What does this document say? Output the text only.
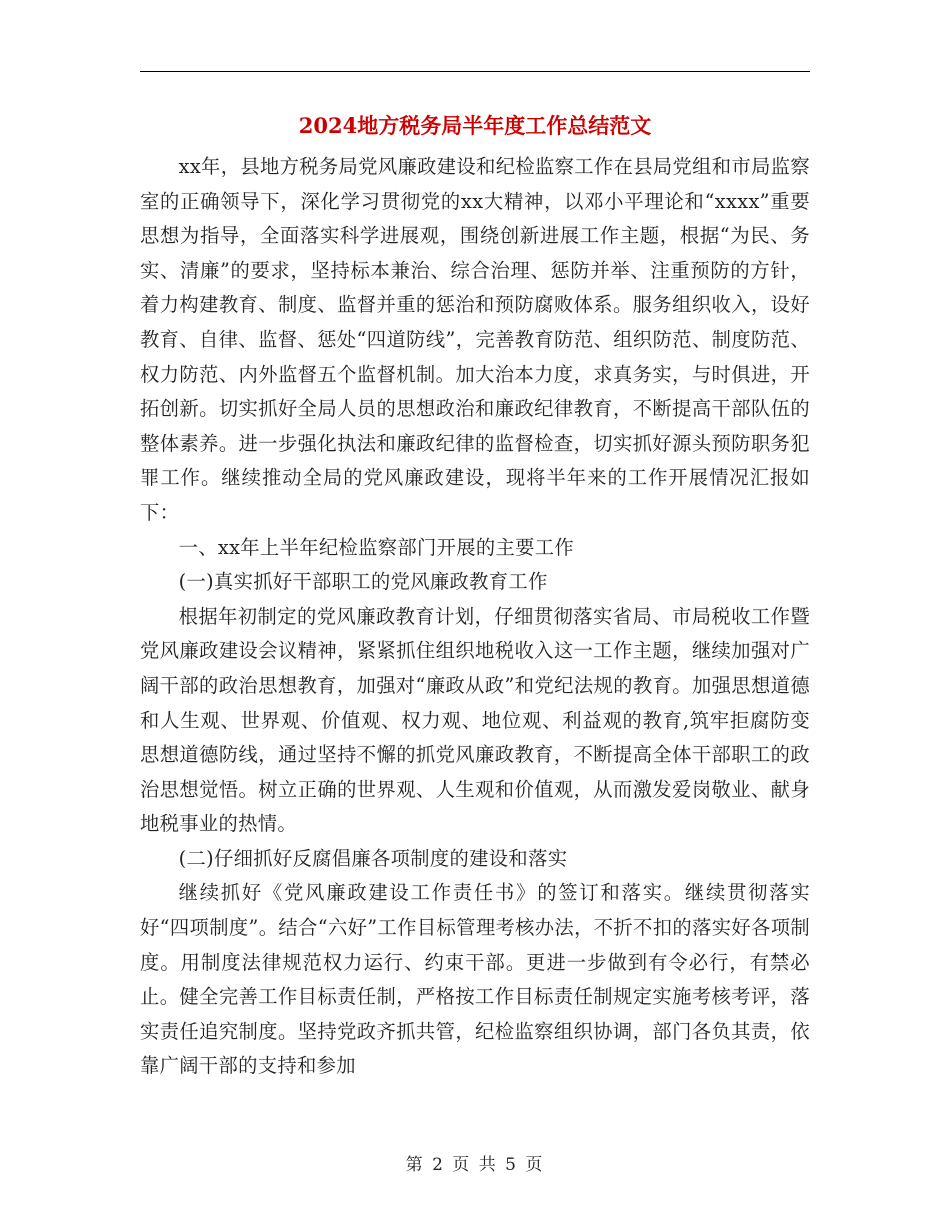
2024地方税务局半年度工作总结范文

xx年，县地方税务局党风廉政建设和纪检监察工作在县局党组和市局监察室的正确领导下，深化学习贯彻党的xx大精神，以邓小平理论和“xxxx”重要思想为指导，全面落实科学进展观，围绕创新进展工作主题，根据“为民、务实、清廉”的要求，坚持标本兼治、综合治理、惩防并举、注重预防的方针，着力构建教育、制度、监督并重的惩治和预防腐败体系。服务组织收入，设好教育、自律、监督、惩处“四道防线”，完善教育防范、组织防范、制度防范、权力防范、内外监督五个监督机制。加大治本力度，求真务实，与时俱进，开拓创新。切实抓好全局人员的思想政治和廉政纪律教育，不断提高干部队伍的整体素养。进一步强化执法和廉政纪律的监督检查，切实抓好源头预防职务犯罪工作。继续推动全局的党风廉政建设，现将半年来的工作开展情况汇报如下：

一、xx年上半年纪检监察部门开展的主要工作

(一)真实抓好干部职工的党风廉政教育工作

根据年初制定的党风廉政教育计划，仔细贯彻落实省局、市局税收工作暨党风廉政建设会议精神，紧紧抓住组织地税收入这一工作主题，继续加强对广阔干部的政治思想教育，加强对“廉政从政”和党纪法规的教育。加强思想道德和人生观、世界观、价值观、权力观、地位观、利益观的教育,筑牢拒腐防变思想道德防线，通过坚持不懈的抓党风廉政教育，不断提高全体干部职工的政治思想觉悟。树立正确的世界观、人生观和价值观，从而激发爱岗敬业、献身地税事业的热情。

(二)仔细抓好反腐倡廉各项制度的建设和落实

继续抓好《党风廉政建设工作责任书》的签订和落实。继续贯彻落实好“四项制度”。结合“六好”工作目标管理考核办法，不折不扣的落实好各项制度。用制度法律规范权力运行、约束干部。更进一步做到有令必行，有禁必止。健全完善工作目标责任制，严格按工作目标责任制规定实施考核考评，落实责任追究制度。坚持党政齐抓共管，纪检监察组织协调，部门各负其责，依靠广阔干部的支持和参加

第 2 页 共 5 页
